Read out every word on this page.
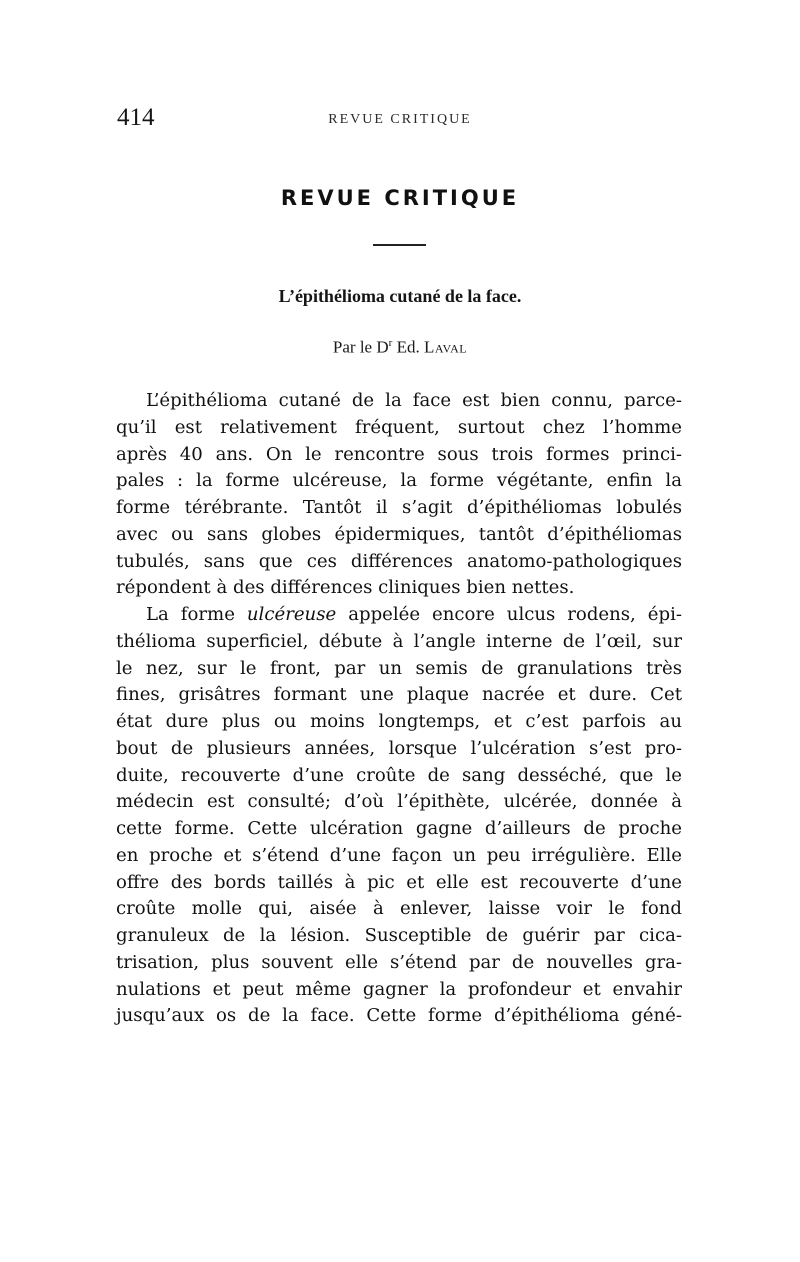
414	REVUE CRITIQUE
REVUE CRITIQUE
L’épithélioma cutané de la face.
Par le $D^r$ Ed. Laval
L’épithélioma cutané de la face est bien connu, parce-
qu’il est relativement fréquent, surtout chez l’homme
après 40 ans. On le rencontre sous trois formes princi-
pales : la forme ulcéreuse, la forme végétante, enfin la
forme térébrante. Tantôt il s’agit d’épithéliomas lobulés
avec ou sans globes épidermiques, tantôt d’épithéliomas
tubulés, sans que ces différences anatomo-pathologiques
répondent à des différences cliniques bien nettes.
La forme ulcéreuse appelée encore ulcus rodens, épi-
thélioma superficiel, débute à l’angle interne de l’œil, sur
le nez, sur le front, par un semis de granulations très
fines, grisâtres formant une plaque nacrée et dure. Cet
état dure plus ou moins longtemps, et c’est parfois au
bout de plusieurs années, lorsque l’ulcération s’est pro-
duite, recouverte d’une croûte de sang desséché, que le
médecin est consulté; d’où l’épithète, ulcérée, donnée à
cette forme. Cette ulcération gagne d’ailleurs de proche
en proche et s’étend d’une façon un peu irrégulière. Elle
offre des bords taillés à pic et elle est recouverte d’une
croûte molle qui, aisée à enlever, laisse voir le fond
granuleux de la lésion. Susceptible de guérir par cica-
trisation, plus souvent elle s’étend par de nouvelles gra-
nulations et peut même gagner la profondeur et envahir
jusqu’aux os de la face. Cette forme d’épithélioma géné-
